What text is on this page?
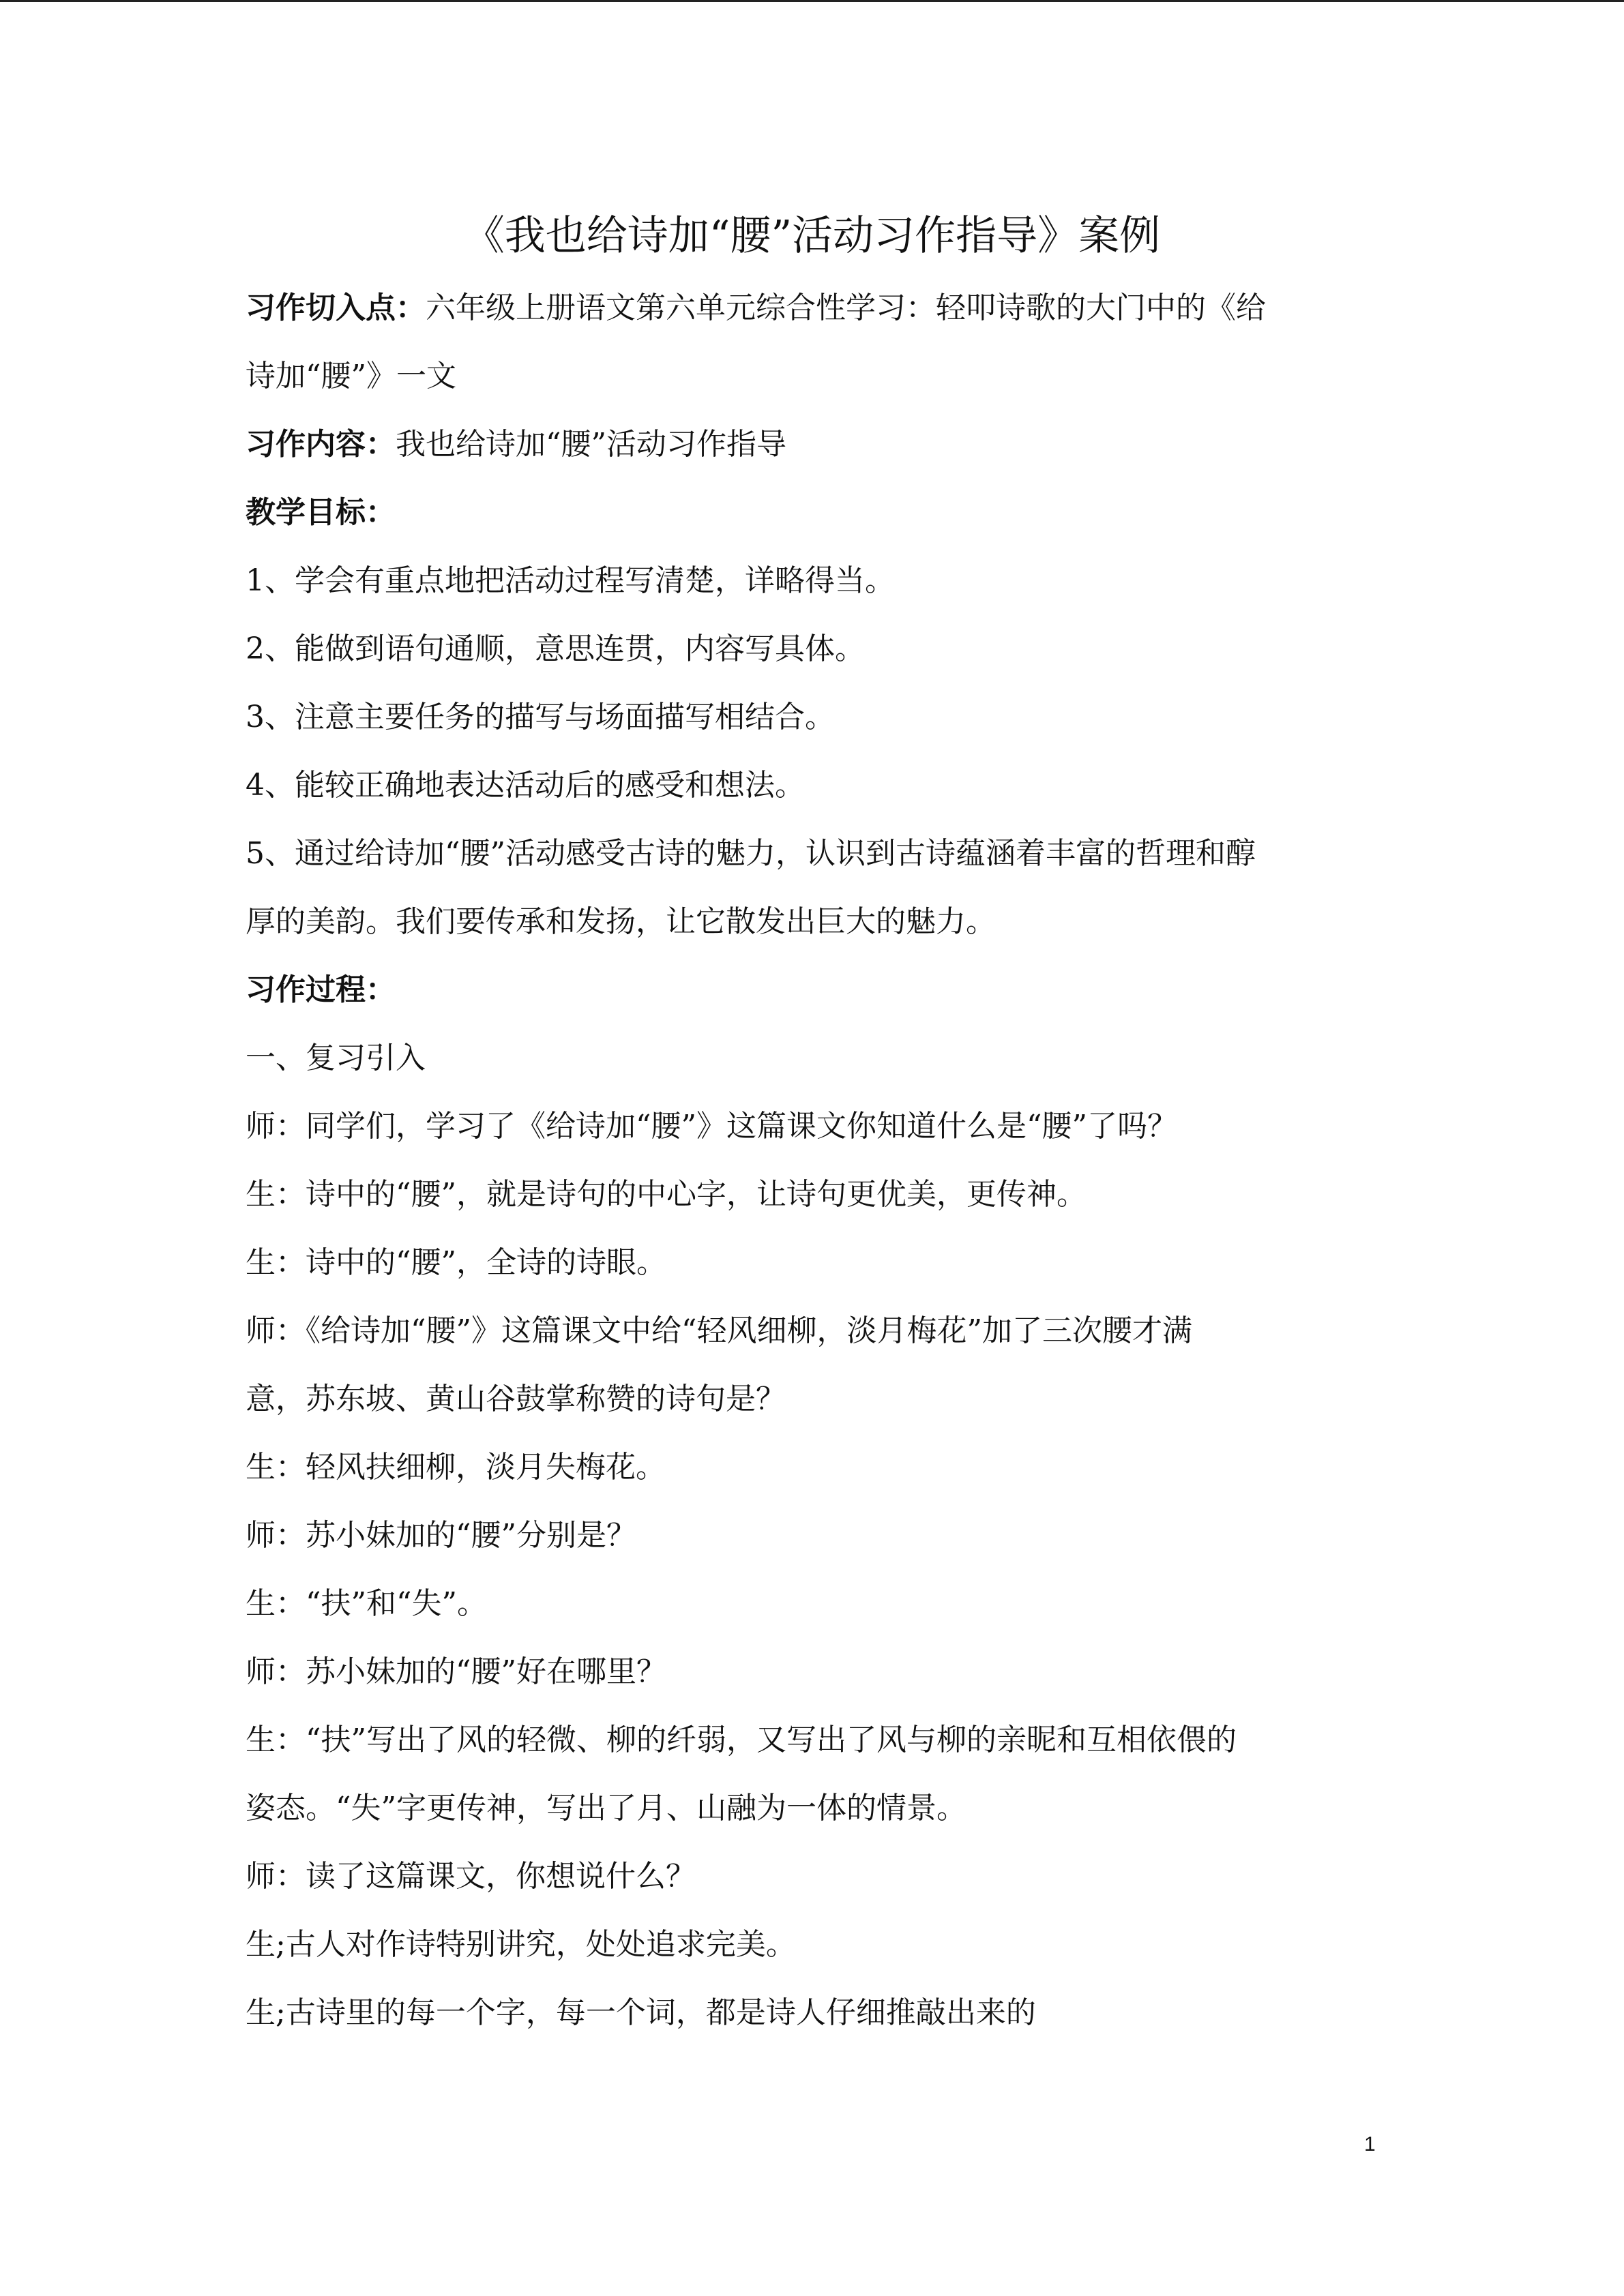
《我也给诗加“腰”活动习作指导》案例
习作切入点：六年级上册语文第六单元综合性学习：轻叩诗歌的大门中的《给
诗加“腰”》一文
习作内容：我也给诗加“腰”活动习作指导
教学目标：
1、学会有重点地把活动过程写清楚，详略得当。
2、能做到语句通顺，意思连贯，内容写具体。
3、注意主要任务的描写与场面描写相结合。
4、能较正确地表达活动后的感受和想法。
5、通过给诗加“腰”活动感受古诗的魅力，认识到古诗蕴涵着丰富的哲理和醇
厚的美韵。我们要传承和发扬，让它散发出巨大的魅力。
习作过程：
一、复习引入
师：同学们，学习了《给诗加“腰”》这篇课文你知道什么是“腰”了吗？
生：诗中的“腰”，就是诗句的中心字，让诗句更优美，更传神。
生：诗中的“腰”，全诗的诗眼。
师：《给诗加“腰”》这篇课文中给“轻风细柳，淡月梅花”加了三次腰才满
意，苏东坡、黄山谷鼓掌称赞的诗句是？
生：轻风扶细柳，淡月失梅花。
师：苏小妹加的“腰”分别是？
生：“扶”和“失”。
师：苏小妹加的“腰”好在哪里？
生：“扶”写出了风的轻微、柳的纤弱，又写出了风与柳的亲昵和互相依偎的
姿态。“失”字更传神，写出了月、山融为一体的情景。
师：读了这篇课文，你想说什么？
生;古人对作诗特别讲究，处处追求完美。
生;古诗里的每一个字，每一个词，都是诗人仔细推敲出来的
1
